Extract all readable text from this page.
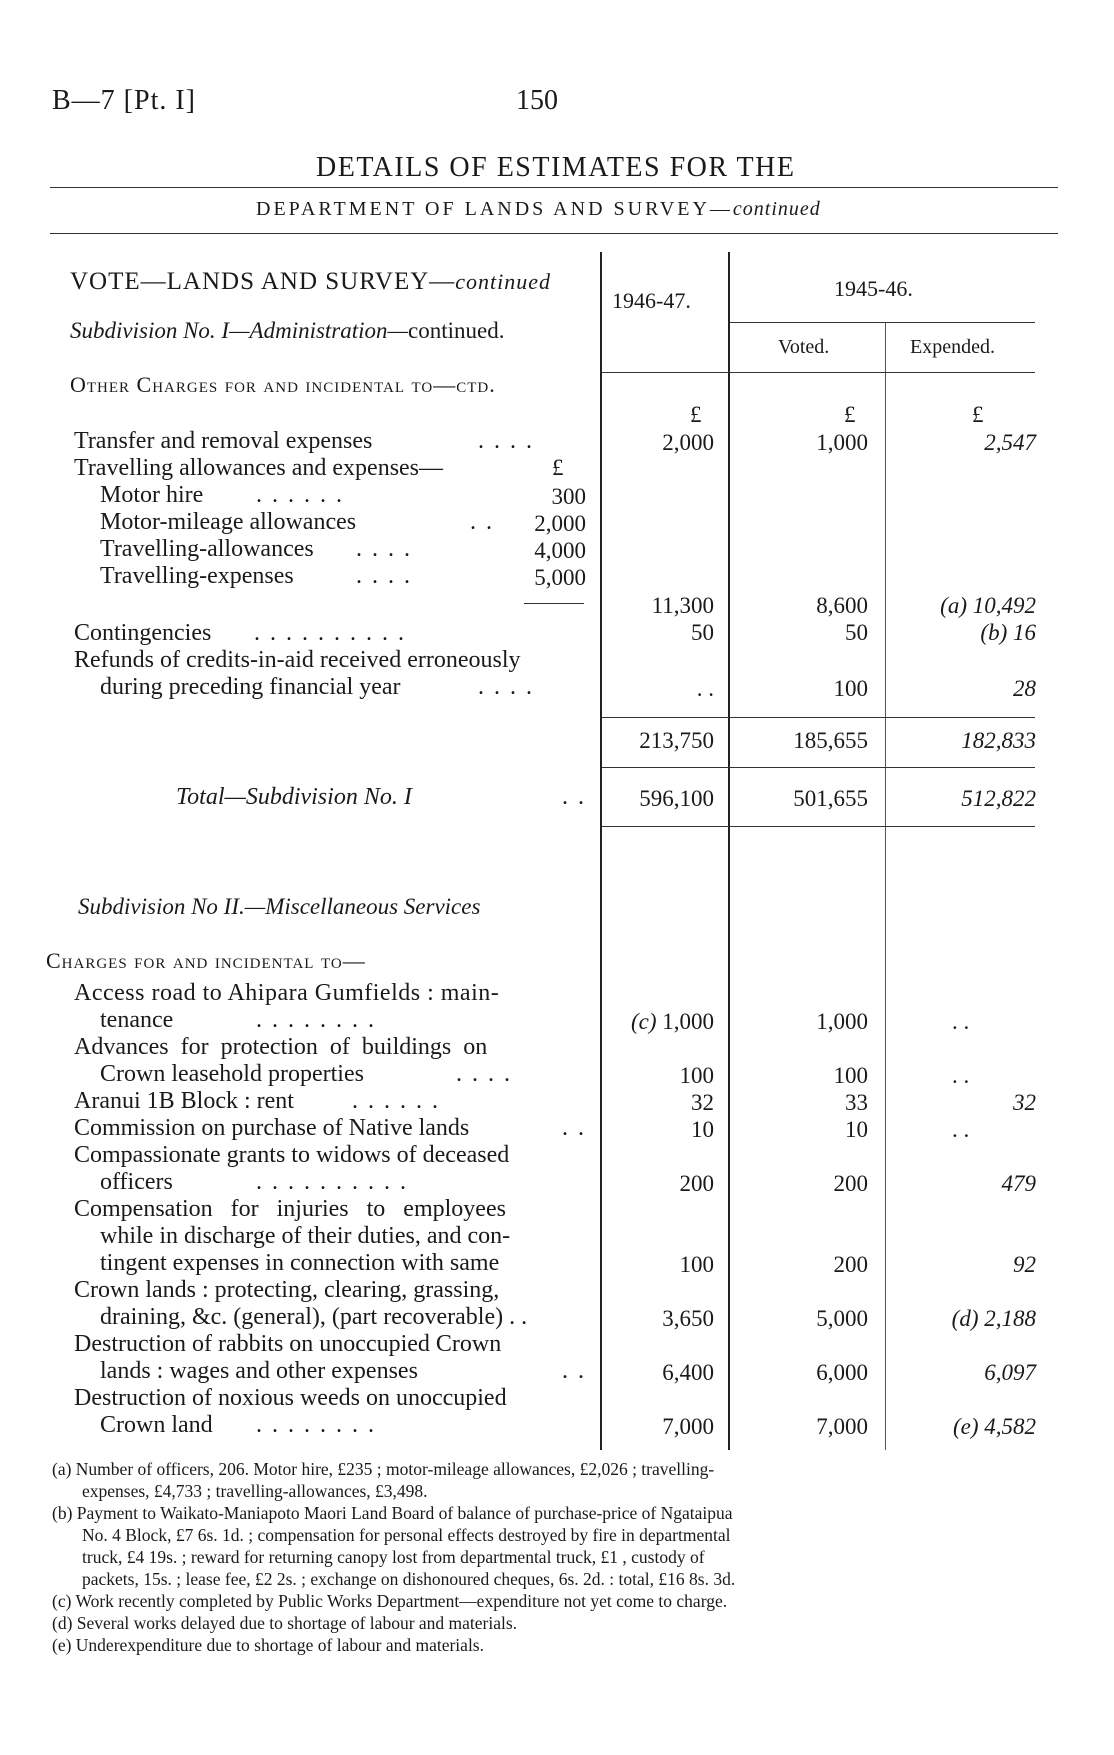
B—7 [Pt. I]	150
DETAILS OF ESTIMATES FOR THE
DEPARTMENT OF LANDS AND SURVEY—continued
1946-47.	1945-46.
Voted.	Expended.
VOTE—LANDS AND SURVEY—continued
Subdivision No. I—Administration—continued.
Other Charges for and incidental to—ctd.
£	£	£
Transfer and removal expenses	. . . .	2,000	1,000	2,547
Travelling allowances and expenses—	£
Motor hire . . . . . .	300
Motor-mileage allowances	. . 2,000
Travelling-allowances . . . .	4,000
Travelling-expenses	. . . .	5,000
11,300	8,600	(a) 10,492
Contingencies . . . . . . . . . .	50	50	(b) 16
Refunds of credits-in-aid received erroneously
during preceding financial year	. . . .	. .	100	28
213,750	185,655	182,833
Total—Subdivision No. I	. . 596,100	501,655	512,822
Subdivision No II.—Miscellaneous Services
Charges for and incidental to—
Access road to Ahipara Gumfields : main-
tenance	. . . . . . . .	(c) 1,000	1,000	. .
Advances for protection of buildings on
Crown leasehold properties	. . . .	100	100	. .
Aranui 1B Block : rent . . . . . .	32	33	32
Commission on purchase of Native lands	. .	10	10	. .
Compassionate grants to widows of deceased
officers	. . . . . . . . . .	200	200	479
Compensation for injuries to employees
while in discharge of their duties, and con-
tingent expenses in connection with same	100	200	92
Crown lands : protecting, clearing, grassing,
draining, &c. (general), (part recoverable) . .	3,650	5,000	(d) 2,188
Destruction of rabbits on unoccupied Crown
lands : wages and other expenses	. .	6,400	6,000	6,097
Destruction of noxious weeds on unoccupied
Crown land . . . . . . . .	7,000	7,000	(e) 4,582
(a) Number of officers, 206. Motor hire, £235 ; motor-mileage allowances, £2,026 ; travelling-
expenses, £4,733 ; travelling-allowances, £3,498.
(b) Payment to Waikato-Maniapoto Maori Land Board of balance of purchase-price of Ngataipua
No. 4 Block, £7 6s. 1d. ; compensation for personal effects destroyed by fire in departmental
truck, £4 19s. ; reward for returning canopy lost from departmental truck, £1 , custody of
packets, 15s. ; lease fee, £2 2s. ; exchange on dishonoured cheques, 6s. 2d. : total, £16 8s. 3d.
(c) Work recently completed by Public Works Department—expenditure not yet come to charge.
(d) Several works delayed due to shortage of labour and materials.
(e) Underexpenditure due to shortage of labour and materials.
